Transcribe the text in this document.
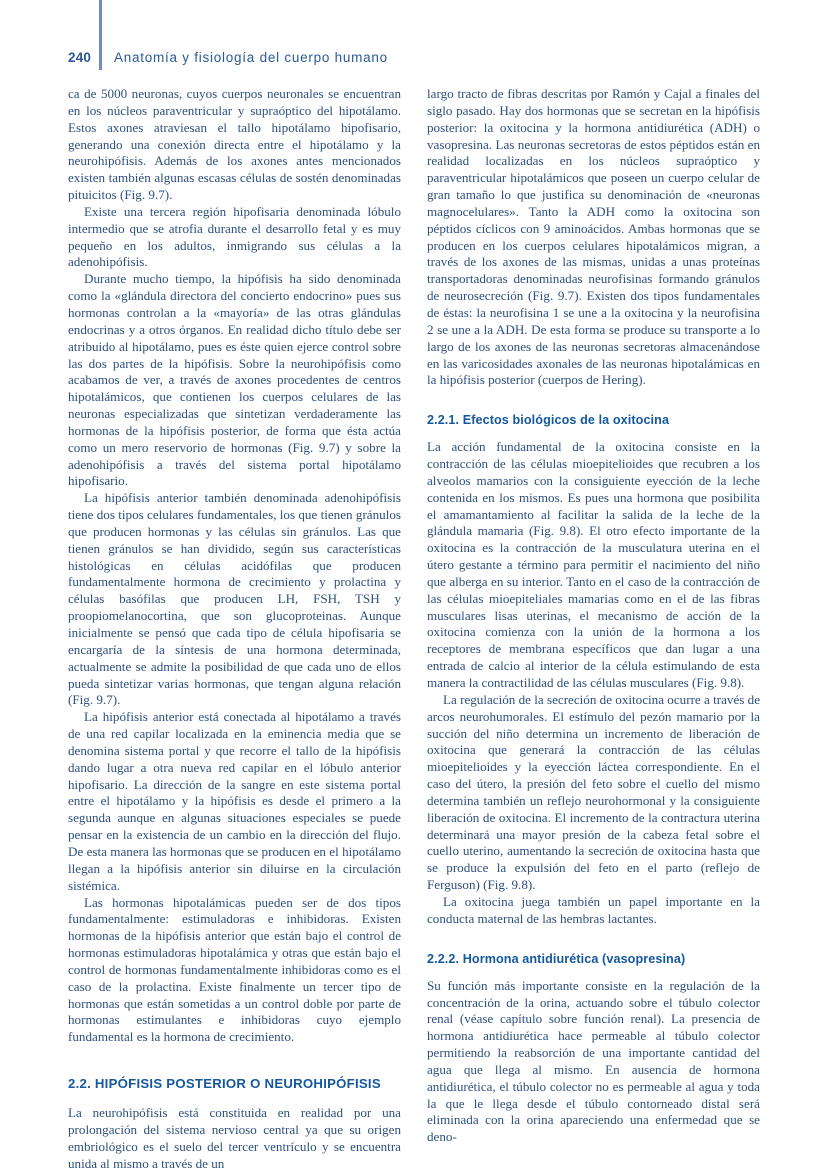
240 Anatomía y fisiología del cuerpo humano

ca de 5000 neuronas, cuyos cuerpos neuronales se encuentran en los núcleos paraventricular y supraóptico del hipotálamo. Estos axones atraviesan el tallo hipotálamo hipofisario, generando una conexión directa entre el hipotálamo y la neurohipófisis. Además de los axones antes mencionados existen también algunas escasas células de sostén denominadas pituicitos (Fig. 9.7).

Existe una tercera región hipofisaria denominada lóbulo intermedio que se atrofia durante el desarrollo fetal y es muy pequeño en los adultos, inmigrando sus células a la adenohipófisis.

Durante mucho tiempo, la hipófisis ha sido denominada como la «glándula directora del concierto endocrino» pues sus hormonas controlan a la «mayoría» de las otras glándulas endocrinas y a otros órganos. En realidad dicho título debe ser atribuido al hipotálamo, pues es éste quien ejerce control sobre las dos partes de la hipófisis. Sobre la neurohipófisis como acabamos de ver, a través de axones procedentes de centros hipotalámicos, que contienen los cuerpos celulares de las neuronas especializadas que sintetizan verdaderamente las hormonas de la hipófisis posterior, de forma que ésta actúa como un mero reservorio de hormonas (Fig. 9.7) y sobre la adenohipófisis a través del sistema portal hipotálamo hipofisario.

La hipófisis anterior también denominada adenohipófisis tiene dos tipos celulares fundamentales, los que tienen gránulos que producen hormonas y las células sin gránulos. Las que tienen gránulos se han dividido, según sus características histológicas en células acidófilas que producen fundamentalmente hormona de crecimiento y prolactina y células basófilas que producen LH, FSH, TSH y proopiomelanocortina, que son glucoproteinas. Aunque inicialmente se pensó que cada tipo de célula hipofisaria se encargaría de la síntesis de una hormona determinada, actualmente se admite la posibilidad de que cada uno de ellos pueda sintetizar varias hormonas, que tengan alguna relación (Fig. 9.7).

La hipófisis anterior está conectada al hipotálamo a través de una red capilar localizada en la eminencia media que se denomina sistema portal y que recorre el tallo de la hipófisis dando lugar a otra nueva red capilar en el lóbulo anterior hipofisario. La dirección de la sangre en este sistema portal entre el hipotálamo y la hipófisis es desde el primero a la segunda aunque en algunas situaciones especiales se puede pensar en la existencia de un cambio en la dirección del flujo. De esta manera las hormonas que se producen en el hipotálamo llegan a la hipófisis anterior sin diluirse en la circulación sistémica.

Las hormonas hipotalámicas pueden ser de dos tipos fundamentalmente: estimuladoras e inhibidoras. Existen hormonas de la hipófisis anterior que están bajo el control de hormonas estimuladoras hipotalámica y otras que están bajo el control de hormonas fundamentalmente inhibidoras como es el caso de la prolactina. Existe finalmente un tercer tipo de hormonas que están sometidas a un control doble por parte de hormonas estimulantes e inhibidoras cuyo ejemplo fundamental es la hormona de crecimiento.

2.2. HIPÓFISIS POSTERIOR O NEUROHIPÓFISIS

La neurohipófisis está constituida en realidad por una prolongación del sistema nervioso central ya que su origen embriológico es el suelo del tercer ventrículo y se encuentra unida al mismo a través de un

largo tracto de fibras descritas por Ramón y Cajal a finales del siglo pasado. Hay dos hormonas que se secretan en la hipófisis posterior: la oxitocina y la hormona antidiurética (ADH) o vasopresina. Las neuronas secretoras de estos péptidos están en realidad localizadas en los núcleos supraóptico y paraventricular hipotalámicos que poseen un cuerpo celular de gran tamaño lo que justifica su denominación de «neuronas magnocelulares». Tanto la ADH como la oxitocina son péptidos cíclicos con 9 aminoácidos. Ambas hormonas que se producen en los cuerpos celulares hipotalámicos migran, a través de los axones de las mismas, unidas a unas proteínas transportadoras denominadas neurofisinas formando gránulos de neurosecreción (Fig. 9.7). Existen dos tipos fundamentales de éstas: la neurofisina 1 se une a la oxitocina y la neurofisina 2 se une a la ADH. De esta forma se produce su transporte a lo largo de los axones de las neuronas secretoras almacenándose en las varicosidades axonales de las neuronas hipotalámicas en la hipófisis posterior (cuerpos de Hering).

2.2.1. Efectos biológicos de la oxitocina

La acción fundamental de la oxitocina consiste en la contracción de las células mioepitelioides que recubren a los alveolos mamarios con la consiguiente eyección de la leche contenida en los mismos. Es pues una hormona que posibilita el amamantamiento al facilitar la salida de la leche de la glándula mamaria (Fig. 9.8). El otro efecto importante de la oxitocina es la contracción de la musculatura uterina en el útero gestante a término para permitir el nacimiento del niño que alberga en su interior. Tanto en el caso de la contracción de las células mioepiteliales mamarias como en el de las fibras musculares lisas uterinas, el mecanismo de acción de la oxitocina comienza con la unión de la hormona a los receptores de membrana específicos que dan lugar a una entrada de calcio al interior de la célula estimulando de esta manera la contractilidad de las células musculares (Fig. 9.8).

La regulación de la secreción de oxitocina ocurre a través de arcos neurohumorales. El estímulo del pezón mamario por la succión del niño determina un incremento de liberación de oxitocina que generará la contracción de las células mioepitelioides y la eyección láctea correspondiente. En el caso del útero, la presión del feto sobre el cuello del mismo determina también un reflejo neurohormonal y la consiguiente liberación de oxitocina. El incremento de la contractura uterina determinará una mayor presión de la cabeza fetal sobre el cuello uterino, aumentando la secreción de oxitocina hasta que se produce la expulsión del feto en el parto (reflejo de Ferguson) (Fig. 9.8).

La oxitocina juega también un papel importante en la conducta maternal de las hembras lactantes.

2.2.2. Hormona antidiurética (vasopresina)

Su función más importante consiste en la regulación de la concentración de la orina, actuando sobre el túbulo colector renal (véase capítulo sobre función renal). La presencia de hormona antidiurética hace permeable al túbulo colector permitiendo la reabsorción de una importante cantidad del agua que llega al mismo. En ausencia de hormona antidiurética, el túbulo colector no es permeable al agua y toda la que le llega desde el túbulo contorneado distal será eliminada con la orina apareciendo una enfermedad que se deno-
